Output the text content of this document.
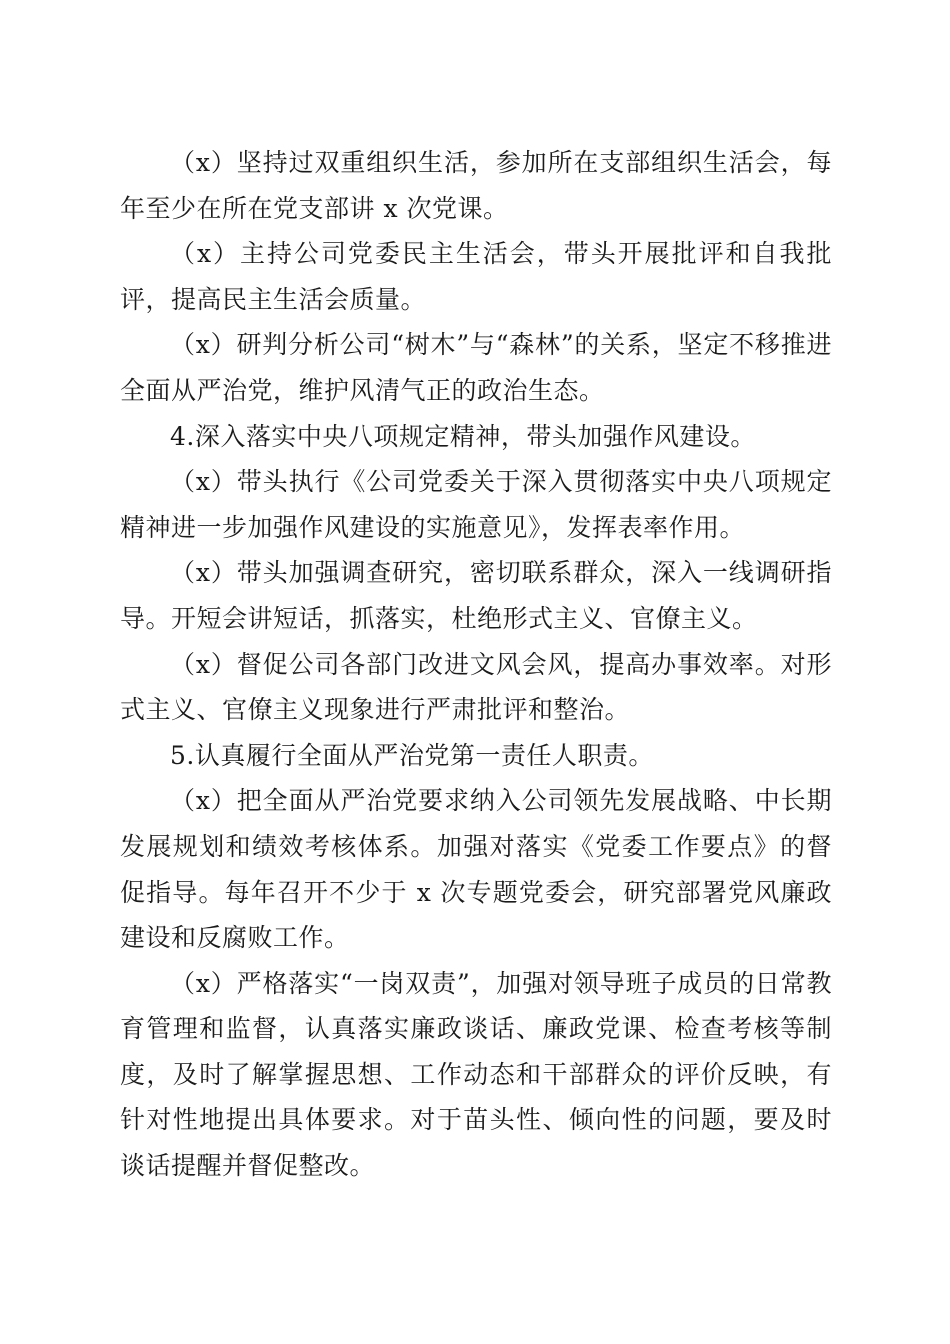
（x）坚持过双重组织生活，参加所在支部组织生活会，每年至少在所在党支部讲 x 次党课。

（x）主持公司党委民主生活会，带头开展批评和自我批评，提高民主生活会质量。

（x）研判分析公司“树木”与“森林”的关系，坚定不移推进全面从严治党，维护风清气正的政治生态。

4.深入落实中央八项规定精神，带头加强作风建设。

（x）带头执行《公司党委关于深入贯彻落实中央八项规定精神进一步加强作风建设的实施意见》，发挥表率作用。

（x）带头加强调查研究，密切联系群众，深入一线调研指导。开短会讲短话，抓落实，杜绝形式主义、官僚主义。

（x）督促公司各部门改进文风会风，提高办事效率。对形式主义、官僚主义现象进行严肃批评和整治。

5.认真履行全面从严治党第一责任人职责。

（x）把全面从严治党要求纳入公司领先发展战略、中长期发展规划和绩效考核体系。加强对落实《党委工作要点》的督促指导。每年召开不少于 x 次专题党委会，研究部署党风廉政建设和反腐败工作。

（x）严格落实“一岗双责”，加强对领导班子成员的日常教育管理和监督，认真落实廉政谈话、廉政党课、检查考核等制度，及时了解掌握思想、工作动态和干部群众的评价反映，有针对性地提出具体要求。对于苗头性、倾向性的问题，要及时谈话提醒并督促整改。
